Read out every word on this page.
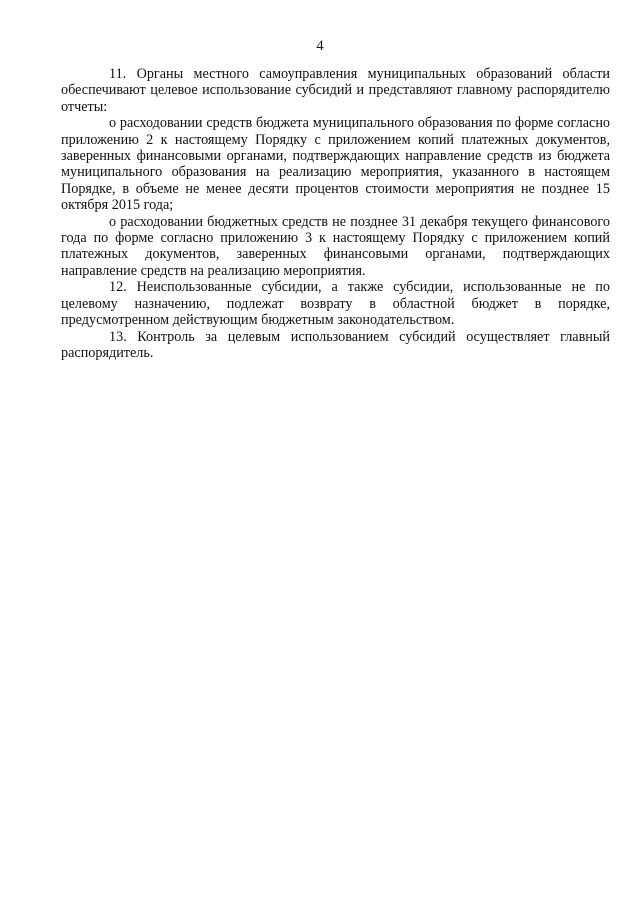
4

11. Органы местного самоуправления муниципальных образований области обеспечивают целевое использование субсидий и представляют главному распорядителю отчеты:

о расходовании средств бюджета муниципального образования по форме согласно приложению 2 к настоящему Порядку с приложением копий платежных документов, заверенных финансовыми органами, подтверждающих направление средств из бюджета муниципального образования на реализацию мероприятия, указанного в настоящем Порядке, в объеме не менее десяти процентов стоимости мероприятия не позднее 15 октября 2015 года;

о расходовании бюджетных средств не позднее 31 декабря текущего финансового года по форме согласно приложению 3 к настоящему Порядку с приложением копий платежных документов, заверенных финансовыми органами, подтверждающих направление средств на реализацию мероприятия.

12. Неиспользованные субсидии, а также субсидии, использованные не по целевому назначению, подлежат возврату в областной бюджет в порядке, предусмотренном действующим бюджетным законодательством.

13. Контроль за целевым использованием субсидий осуществляет главный распорядитель.
